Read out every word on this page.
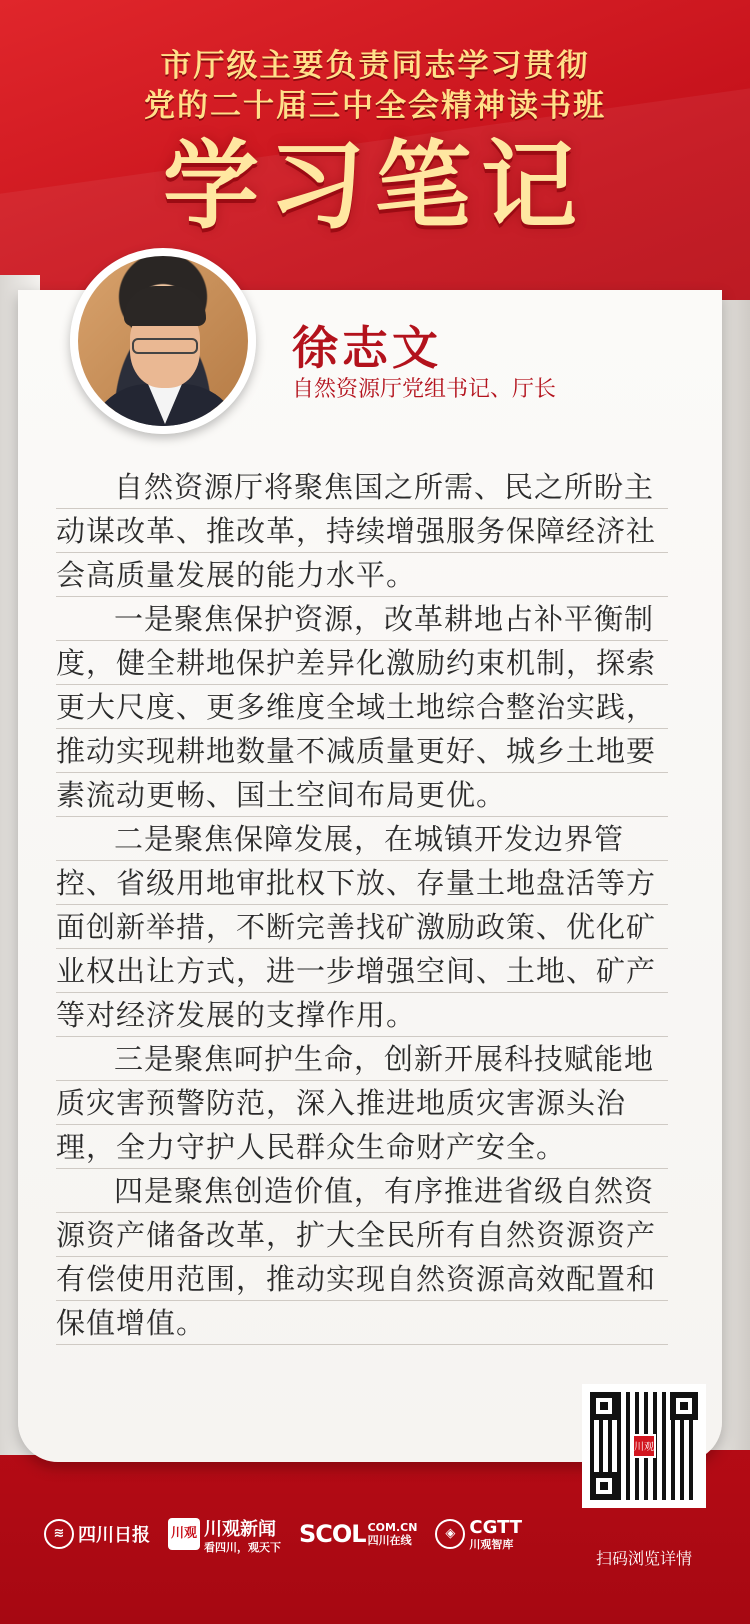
市厅级主要负责同志学习贯彻
党的二十届三中全会精神读书班
学习笔记
徐志文
自然资源厅党组书记、厅长

自然资源厅将聚焦国之所需、民之所盼主动谋改革、推改革，持续增强服务保障经济社会高质量发展的能力水平。

一是聚焦保护资源，改革耕地占补平衡制度，健全耕地保护差异化激励约束机制，探索更大尺度、更多维度全域土地综合整治实践，推动实现耕地数量不减质量更好、城乡土地要素流动更畅、国土空间布局更优。

二是聚焦保障发展，在城镇开发边界管控、省级用地审批权下放、存量土地盘活等方面创新举措，不断完善找矿激励政策、优化矿业权出让方式，进一步增强空间、土地、矿产等对经济发展的支撑作用。

三是聚焦呵护生命，创新开展科技赋能地质灾害预警防范，深入推进地质灾害源头治理，全力守护人民群众生命财产安全。

四是聚焦创造价值，有序推进省级自然资源资产储备改革，扩大全民所有自然资源资产有偿使用范围，推动实现自然资源高效配置和保值增值。

川观
扫码浏览详情
≋ 四川日报 川观 川观新闻
看四川，观天下 SCOL COM.CN
四川在线	◈ CGTT
川观智库
